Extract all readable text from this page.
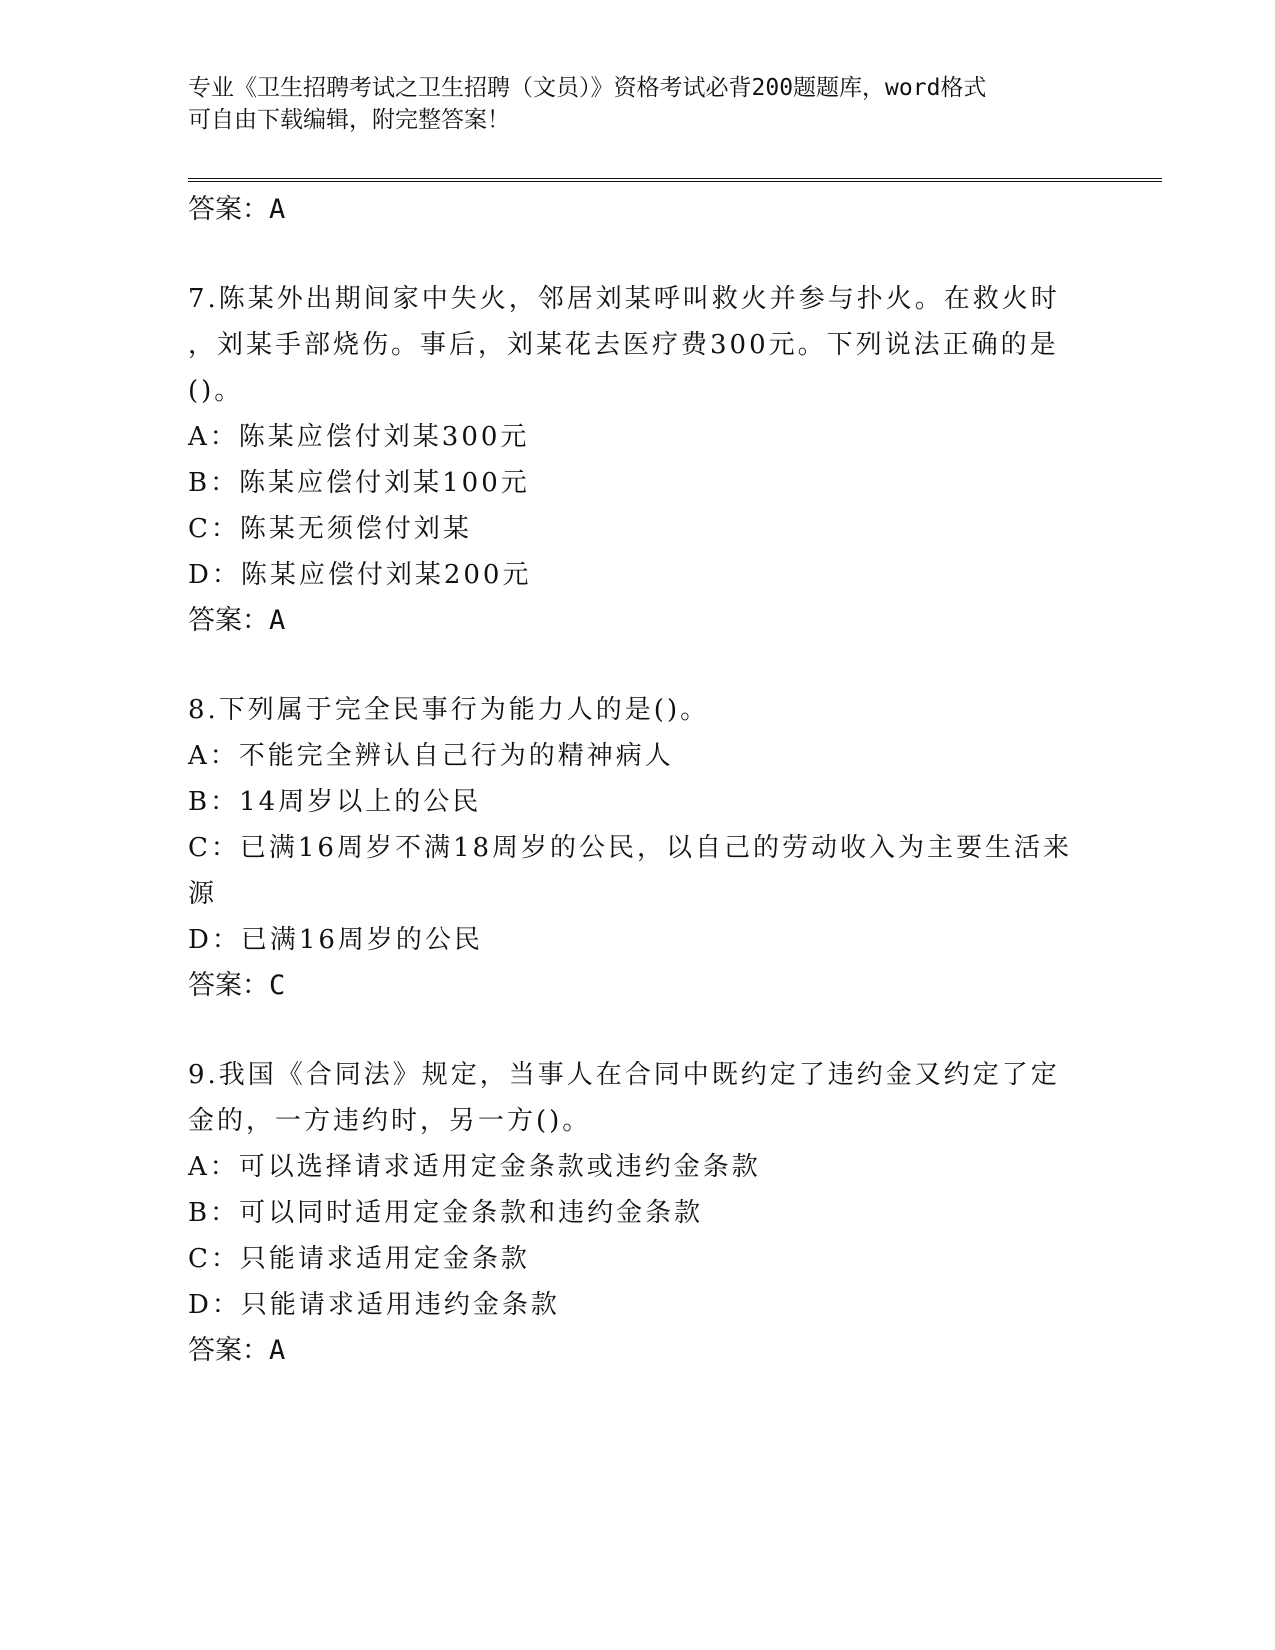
专业《卫生招聘考试之卫生招聘（文员）》资格考试必背200题题库，word格式
可自由下载编辑，附完整答案！
答案：A
7.陈某外出期间家中失火，邻居刘某呼叫救火并参与扑火。在救火时
，刘某手部烧伤。事后，刘某花去医疗费300元。下列说法正确的是
()。
A：陈某应偿付刘某300元
B：陈某应偿付刘某100元
C：陈某无须偿付刘某
D：陈某应偿付刘某200元
答案：A
8.下列属于完全民事行为能力人的是()。
A：不能完全辨认自己行为的精神病人
B：14周岁以上的公民
C：已满16周岁不满18周岁的公民，以自己的劳动收入为主要生活来
源
D：已满16周岁的公民
答案：C
9.我国《合同法》规定，当事人在合同中既约定了违约金又约定了定
金的，一方违约时，另一方()。
A：可以选择请求适用定金条款或违约金条款
B：可以同时适用定金条款和违约金条款
C：只能请求适用定金条款
D：只能请求适用违约金条款
答案：A
